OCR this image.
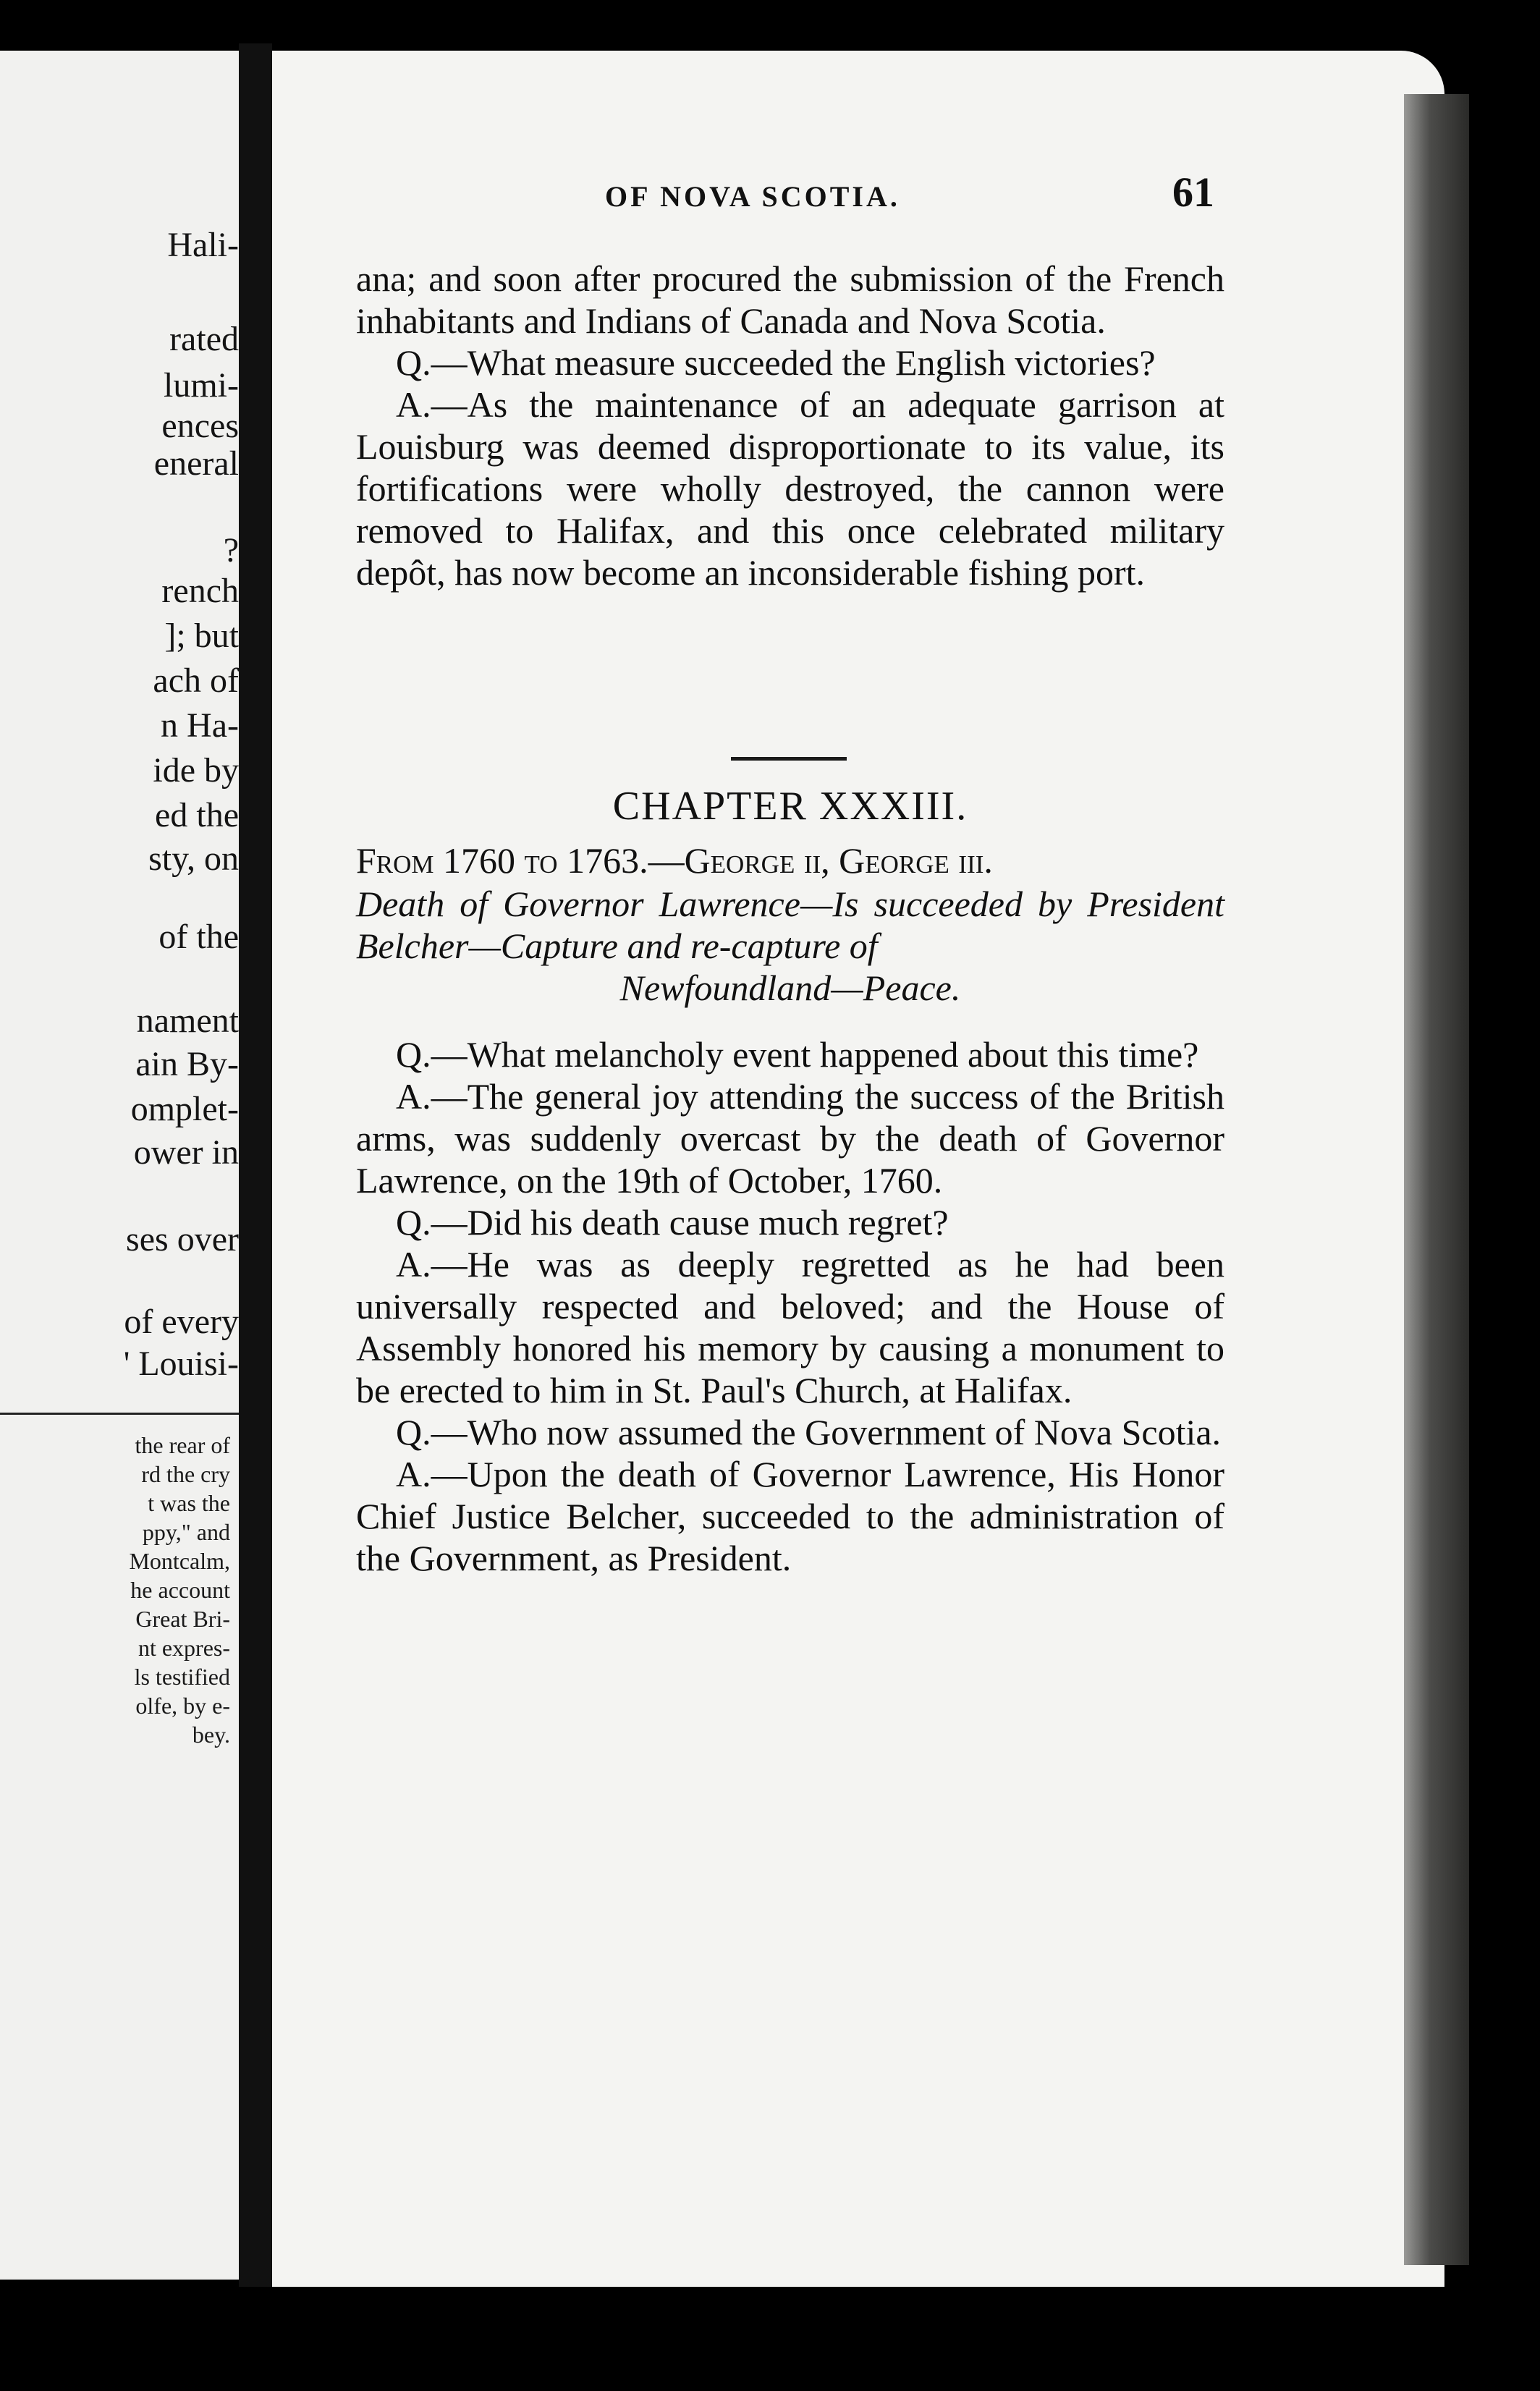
Hali-
rated
lumi-
ences
eneral
?
rench
]; but
ach of
n Ha-
ide by
ed the
sty, on
of the
nament
ain By-
omplet-
ower in
ses over
of every
' Louisi-
the rear of
rd the cry
t was the
ppy," and
Montcalm,
he account
Great Bri-
nt expres-
ls testified
olfe, by e-
bey.
OF NOVA SCOTIA.	61

ana; and soon after procured the submission of the French inhabitants and Indians of Canada and Nova Scotia.

Q.—What measure succeeded the English victories?

A.—As the maintenance of an adequate garrison at Louisburg was deemed disproportionate to its value, its fortifications were wholly destroyed, the cannon were removed to Halifax, and this once celebrated military depôt, has now become an inconsiderable fishing port.

CHAPTER XXXIII.
From 1760 to 1763.—George ii, George iii.
Death of Governor Lawrence—Is succeeded by President Belcher—Capture and re-capture of
Newfoundland—Peace.

Q.—What melancholy event happened about this time?

A.—The general joy attending the success of the British arms, was suddenly overcast by the death of Governor Lawrence, on the 19th of October, 1760.

Q.—Did his death cause much regret?

A.—He was as deeply regretted as he had been universally respected and beloved; and the House of Assembly honored his memory by causing a monument to be erected to him in St. Paul's Church, at Halifax.

Q.—Who now assumed the Government of Nova Scotia.

A.—Upon the death of Governor Lawrence, His Honor Chief Justice Belcher, succeeded to the administration of the Government, as President.
